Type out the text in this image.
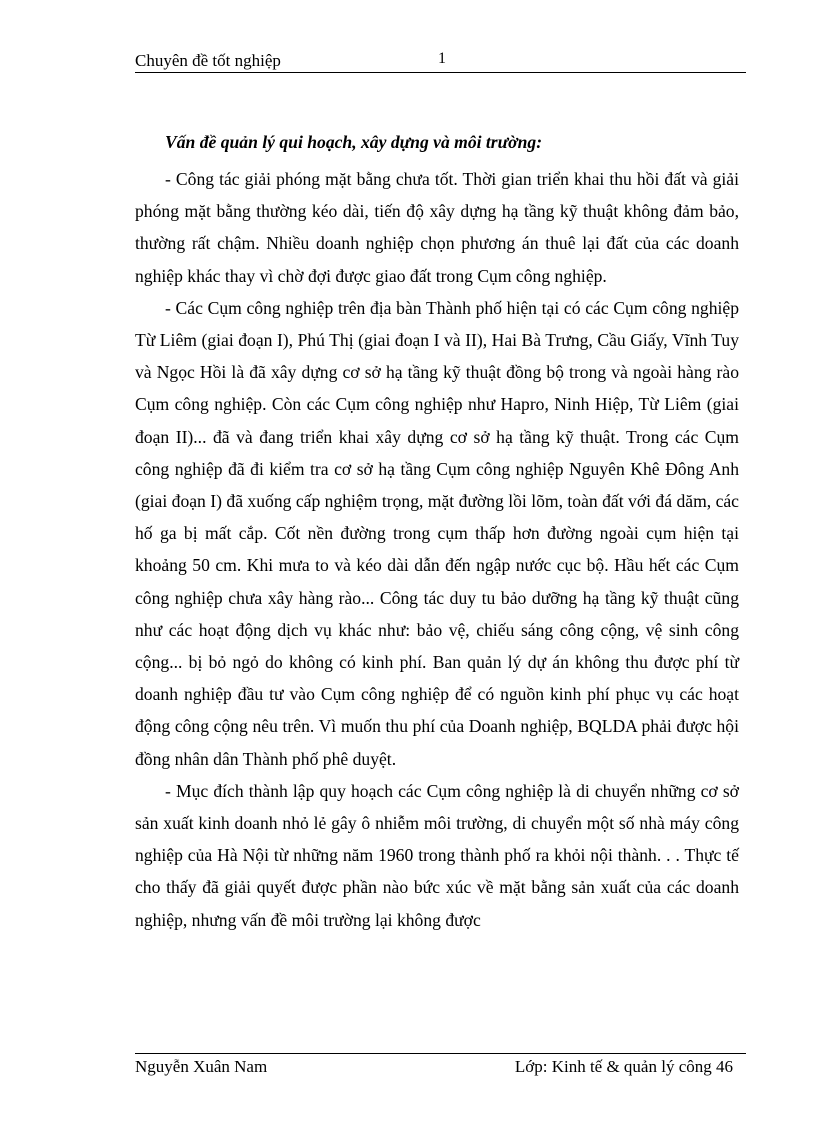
Chuyên đề tốt nghiệp	1

Vấn đề quản lý qui hoạch, xây dựng và môi trường:

- Công tác giải phóng mặt bằng chưa tốt. Thời gian triển khai thu hồi đất và giải phóng mặt bằng thường kéo dài, tiến độ xây dựng hạ tầng kỹ thuật không đảm bảo, thường rất chậm. Nhiều doanh nghiệp chọn phương án thuê lại đất của các doanh nghiệp khác thay vì chờ đợi được giao đất trong Cụm công nghiệp.

- Các Cụm công nghiệp trên địa bàn Thành phố hiện tại có các Cụm công nghiệp Từ Liêm (giai đoạn I), Phú Thị (giai đoạn I và II), Hai Bà Trưng, Cầu Giấy, Vĩnh Tuy và Ngọc Hồi là đã xây dựng cơ sở hạ tầng kỹ thuật đồng bộ trong và ngoài hàng rào Cụm công nghiệp. Còn các Cụm công nghiệp như Hapro, Ninh Hiệp, Từ Liêm (giai đoạn II)... đã và đang triển khai xây dựng cơ sở hạ tầng kỹ thuật. Trong các Cụm công nghiệp đã đi kiểm tra cơ sở hạ tầng Cụm công nghiệp Nguyên Khê Đông Anh (giai đoạn I) đã xuống cấp nghiệm trọng, mặt đường lồi lõm, toàn đất với đá dăm, các hố ga bị mất cắp. Cốt nền đường trong cụm thấp hơn đường ngoài cụm hiện tại khoảng 50 cm. Khi mưa to và kéo dài dẫn đến ngập nước cục bộ. Hầu hết các Cụm công nghiệp chưa xây hàng rào... Công tác duy tu bảo dưỡng hạ tầng kỹ thuật cũng như các hoạt động dịch vụ khác như: bảo vệ, chiếu sáng công cộng, vệ sinh công cộng... bị bỏ ngỏ do không có kinh phí. Ban quản lý dự án không thu được phí từ doanh nghiệp đầu tư vào Cụm công nghiệp để có nguồn kinh phí phục vụ các hoạt động công cộng nêu trên. Vì muốn thu phí của Doanh nghiệp, BQLDA phải được hội đồng nhân dân Thành phố phê duyệt.

- Mục đích thành lập quy hoạch các Cụm công nghiệp là di chuyển những cơ sở sản xuất kinh doanh nhỏ lẻ gây ô nhiễm môi trường, di chuyển một số nhà máy công nghiệp của Hà Nội từ những năm 1960 trong thành phố ra khỏi nội thành. . . Thực tế cho thấy đã giải quyết được phần nào bức xúc về mặt bằng sản xuất của các doanh nghiệp, nhưng vấn đề môi trường lại không được

Nguyễn Xuân Nam	Lớp: Kinh tế & quản lý công 46
